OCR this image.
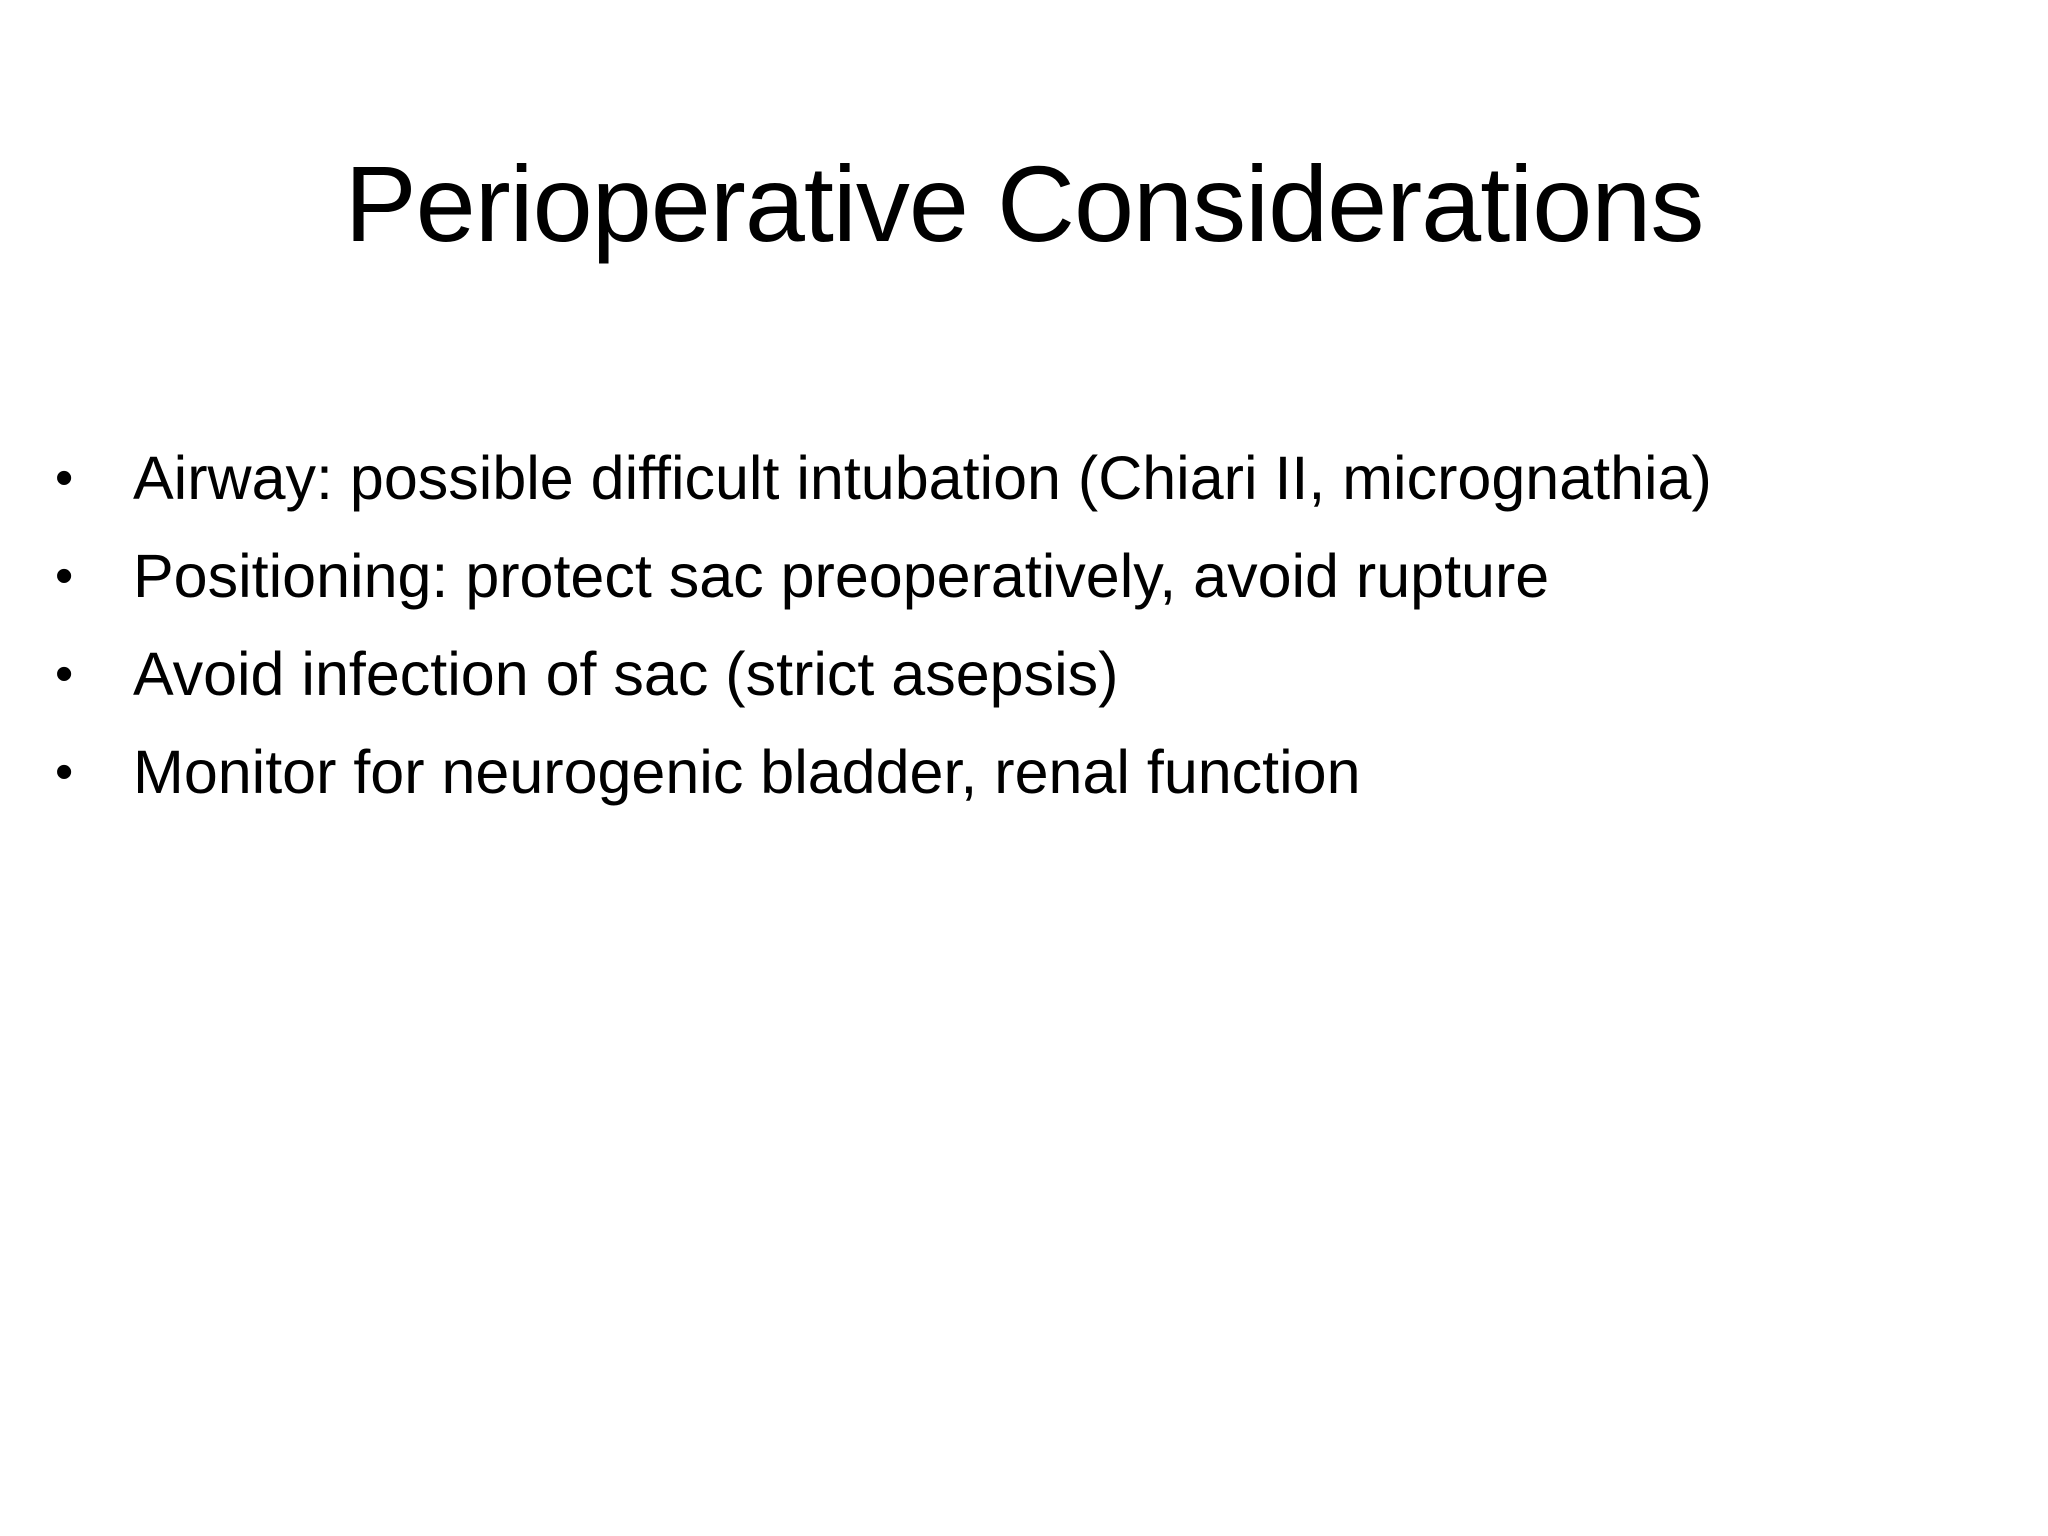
Perioperative Considerations
• Airway: possible difficult intubation (Chiari II, micrognathia)
• Positioning: protect sac preoperatively, avoid rupture
• Avoid infection of sac (strict asepsis)
• Monitor for neurogenic bladder, renal function
